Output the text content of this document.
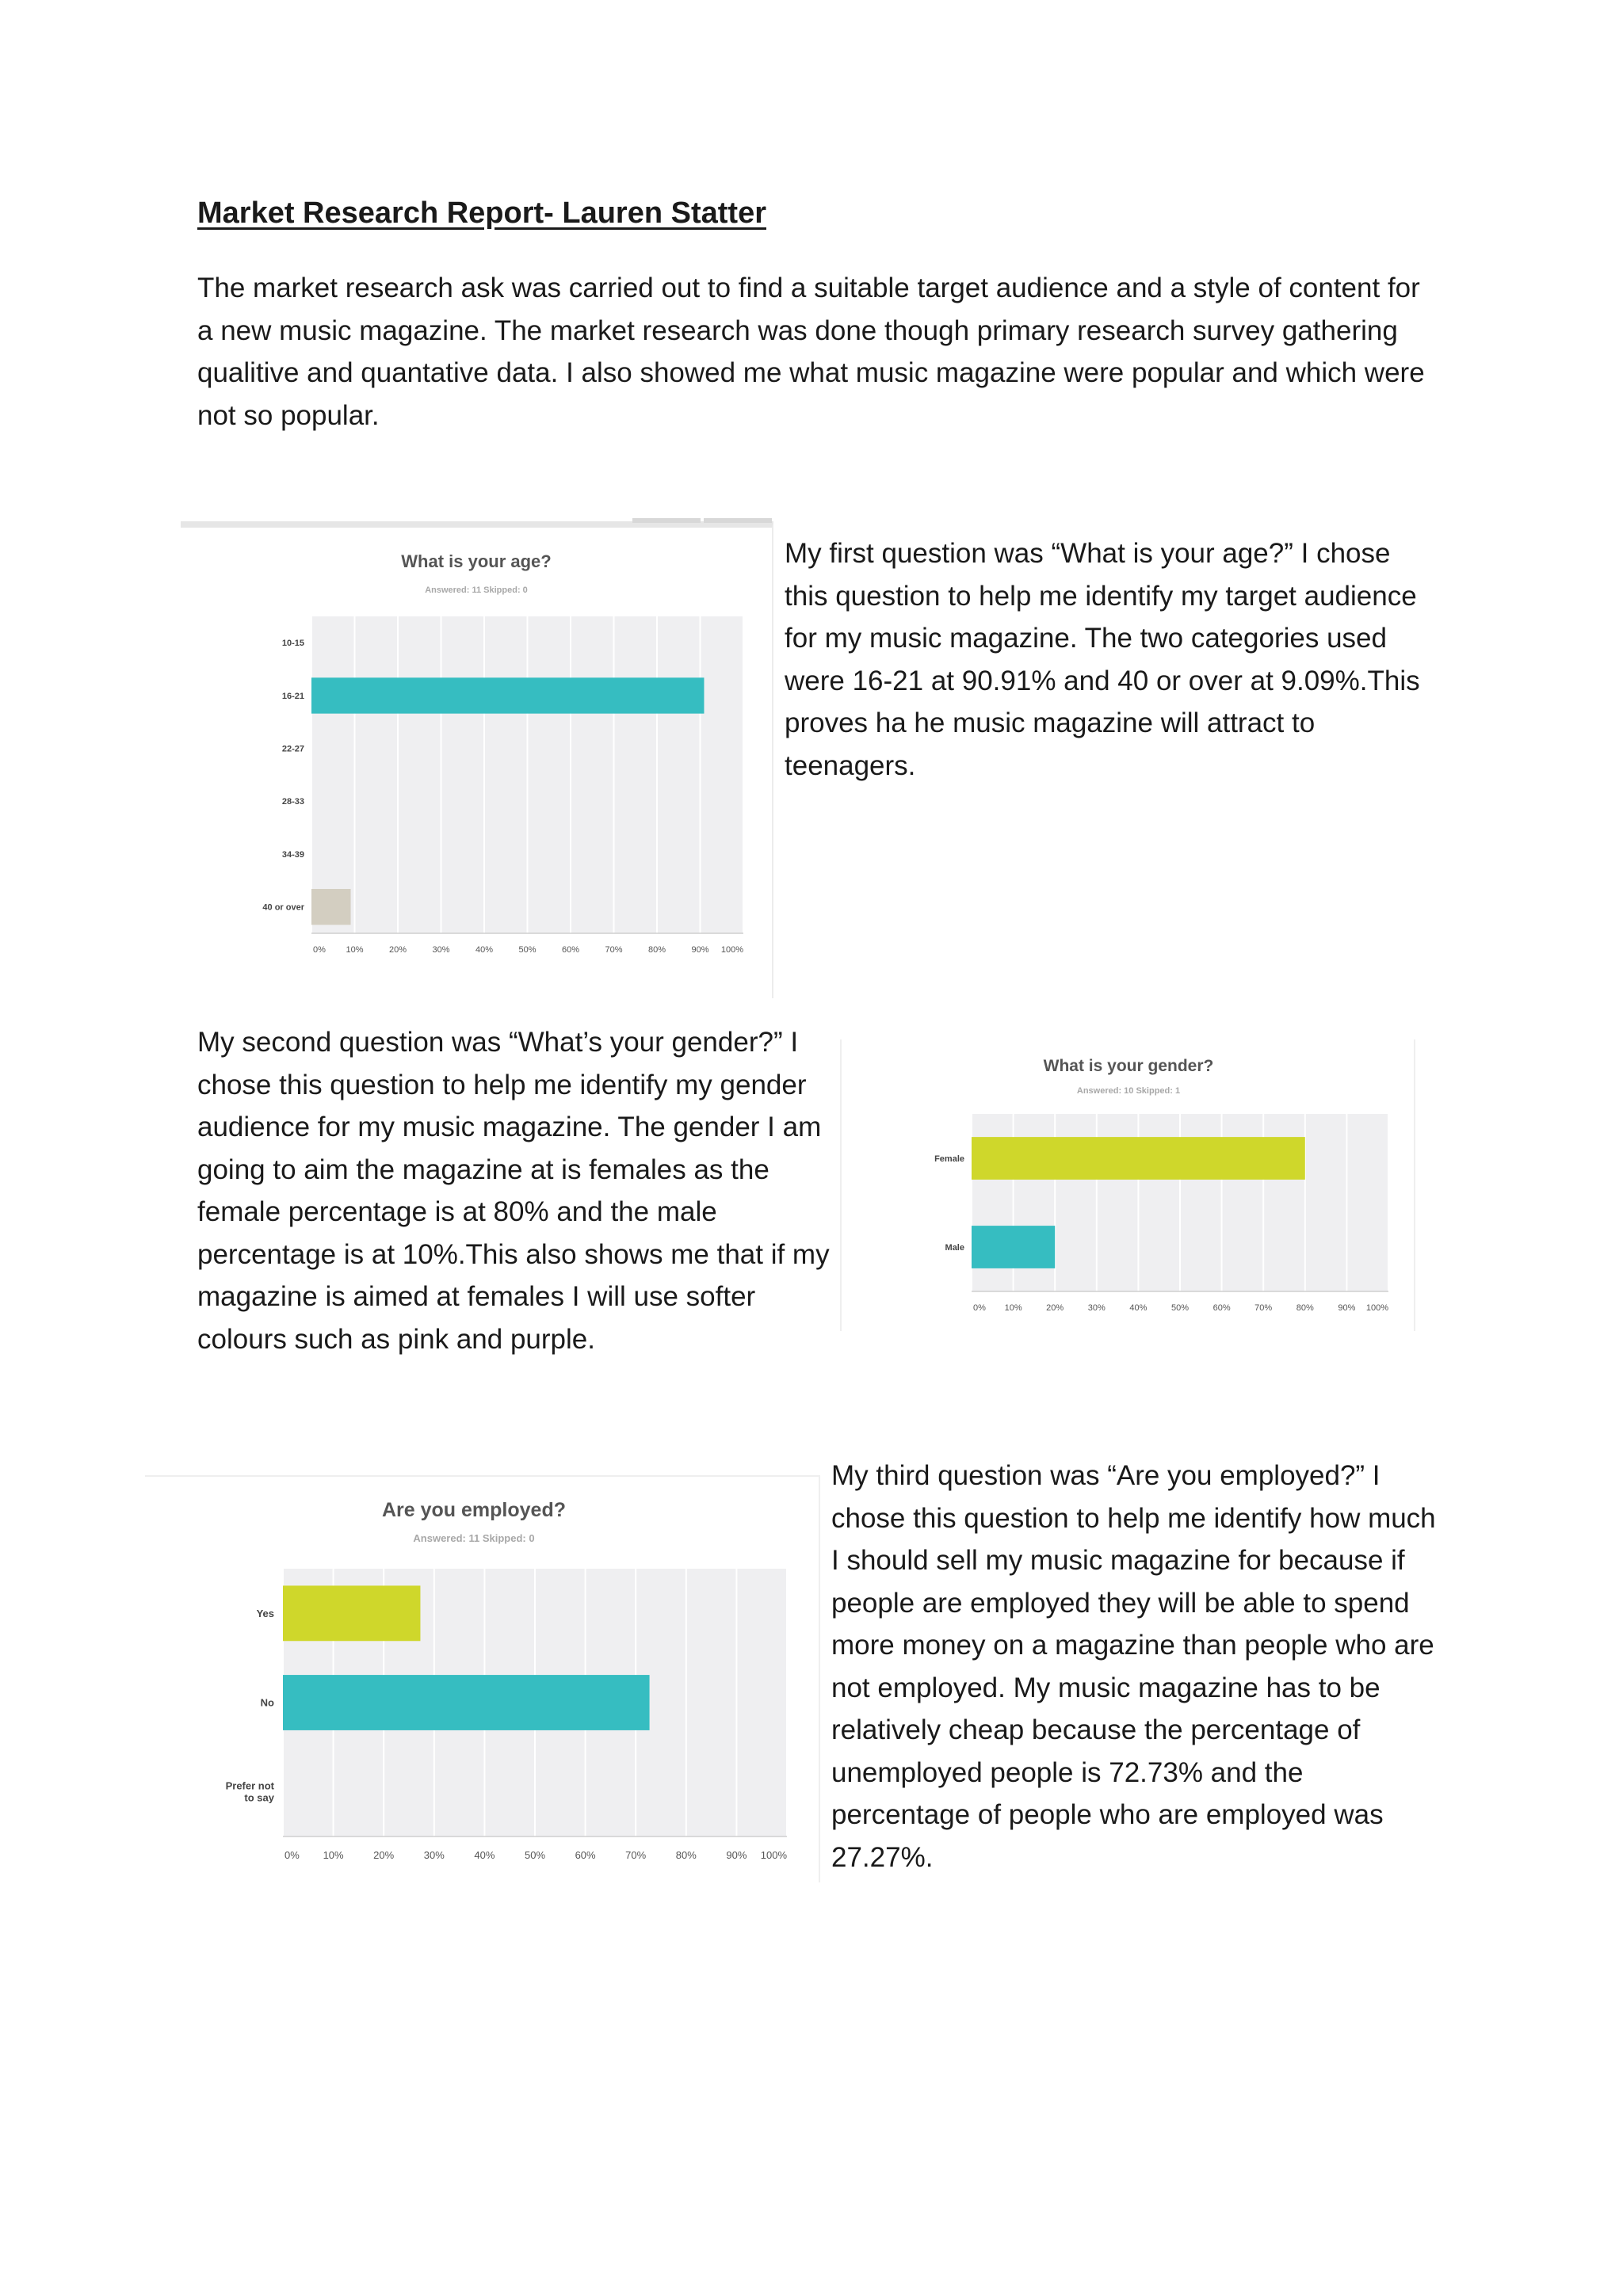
Market Research Report- Lauren Statter

The market research ask was carried out to find a suitable target audience and a style of content for a new music magazine. The market research was done though primary research survey gathering qualitive and quantative data. I also showed me what music magazine were popular and which were not so popular.

What is your age?
Answered: 11 Skipped: 0
10-15
16-21
22-27
28-33
34-39
40 or over
0% 10%	20%	30%	40%	50%	60%	70%	80%	90% 100%

My first question was “What is your age?” I chose this question to help me identify my target audience for my music magazine. The two categories used were 16-21 at 90.91% and 40 or over at 9.09%.This proves ha he music magazine will attract to teenagers.

My second question was “What’s your gender?” I chose this question to help me identify my gender audience for my music magazine. The gender I am going to aim the magazine at is females as the female percentage is at 80% and the male percentage is at 10%.This also shows me that if my magazine is aimed at females I will use softer colours such as pink and purple.

What is your gender?
Answered: 10 Skipped: 1
Female
Male
0% 10%	20%	30%	40%	50%	60%	70%	80%	90% 100%
Are you employed?
Answered: 11 Skipped: 0
Yes
No
Prefer not to say
0% 10%	20%	30%	40%	50%	60%	70%	80%	90% 100%

My third question was “Are you employed?” I chose this question to help me identify how much I should sell my music magazine for because if people are employed they will be able to spend more money on a magazine than people who are not employed. My music magazine has to be relatively cheap because the percentage of unemployed people is 72.73% and the percentage of people who are employed was 27.27%.
